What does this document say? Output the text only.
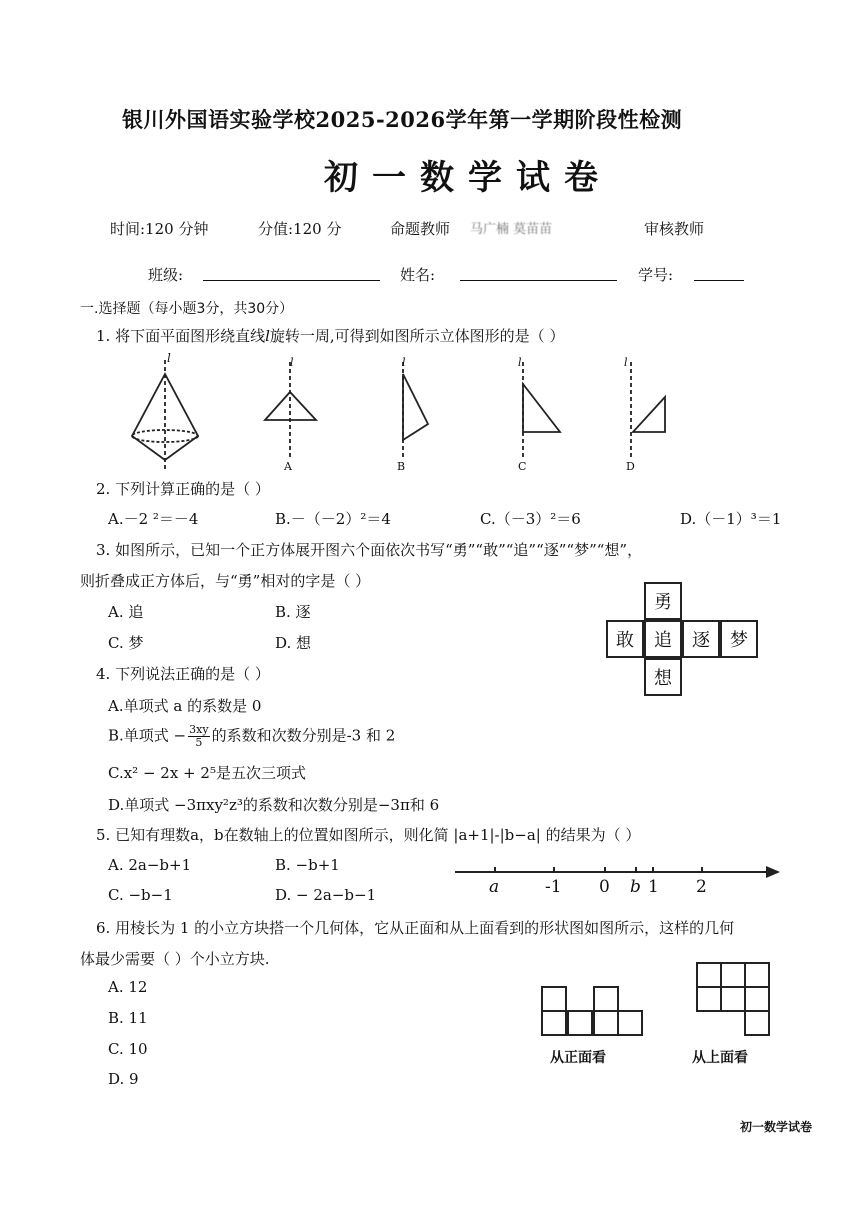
银川外国语实验学校2025-2026学年第一学期阶段性检测
初一数学试卷
时间:120 分钟	分值:120 分	命题教师 马广楠 莫苗苗	审核教师
班级:	姓名:	学号:
一.选择题（每小题3分，共30分）
1. 将下面平面图形绕直线l旋转一周,可得到如图所示立体图形的是（ ）
l	l
A
l
B
l
C
l
D
2. 下列计算正确的是（ ）
A.－2 ²＝－4	B.－（－2）²＝4	C.（－3）²＝6	D.（－1）³＝1
3. 如图所示，已知一个正方体展开图六个面依次书写“勇”“敢”“追”“逐”“梦”“想”，
则折叠成正方体后，与“勇”相对的字是（ ）
A. 追	B. 逐
C. 梦	D. 想
勇
敢	追	逐	梦
想
4. 下列说法正确的是（ ）
A.单项式 a 的系数是 0
B.单项式 − $\frac{3xy}{5}$ 的系数和次数分别是-3 和 2
C.x² − 2x + 2⁵是五次三项式
D.单项式 −3πxy²z³的系数和次数分别是−3π和 6
5. 已知有理数a，b在数轴上的位置如图所示，则化简 |a+1|-|b−a| 的结果为（ ）
A. 2a−b+1	B. −b+1
C. −b−1	D. − 2a−b−1	a	-1 0 b 1 2
6. 用棱长为 1 的小立方块搭一个几何体，它从正面和从上面看到的形状图如图所示，这样的几何
体最少需要（ ）个小立方块.
A. 12
B. 11
C. 10
D. 9
从正面看	从上面看
初一数学试卷
